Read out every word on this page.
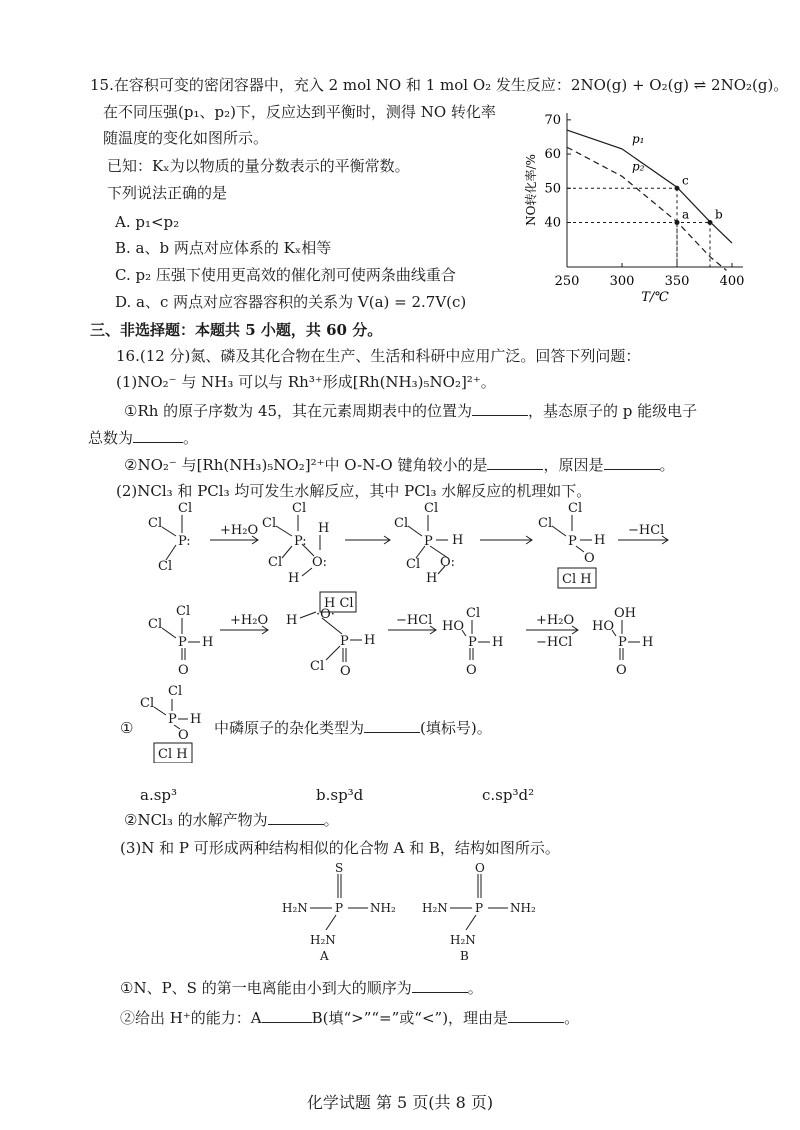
15.在容积可变的密闭容器中，充入 2 mol NO 和 1 mol O₂ 发生反应：2NO(g) + O₂(g) ⇌ 2NO₂(g)。
在不同压强(p₁、p₂)下，反应达到平衡时，测得 NO 转化率
随温度的变化如图所示。
已知：Kₓ为以物质的量分数表示的平衡常数。
下列说法正确的是
A. p₁<p₂
B. a、b 两点对应体系的 Kₓ相等
C. p₂ 压强下使用更高效的催化剂可使两条曲线重合
D. a、c 两点对应容器容积的关系为 V(a) = 2.7V(c)
40
50
60
70
250 300 350 400
NO转化率/%
T/℃
p₁
p₂
c
a b
三、非选择题：本题共 5 小题，共 60 分。
16.(12 分)氮、磷及其化合物在生产、生活和科研中应用广泛。回答下列问题：
(1)NO₂⁻ 与 NH₃ 可以与 Rh³⁺形成[Rh(NH₃)₅NO₂]²⁺。
①Rh 的原子序数为 45，其在元素周期表中的位置为	，基态原子的 p 能级电子
总数为	。
②NO₂⁻ 与[Rh(NH₃)₅NO₂]²⁺中 O-N-O 键角较小的是	，原因是	。
(2)NCl₃ 和 PCl₃ 均可发生水解反应，其中 PCl₃ 水解反应的机理如下。
Cl
Cl
P:
Cl
Cl
Cl
P:
H
O:
H
Cl
Cl
Cl
P H
O:
H
Cl
Cl
Cl
P H
O
Cl H
Cl
Cl
P H
O
H Cl
H ·O·
P H
Cl O
Cl
HO
P H
O
OH
HO
P H
O
+H₂O	−HCl
+H₂O	−HCl	+H₂O
−HCl
①
Cl
Cl
P H
O
Cl H
中磷原子的杂化类型为	(填标号)。
a.sp³	b.sp³d	c.sp³d²
②NCl₃ 的水解产物为	。
(3)N 和 P 可形成两种结构相似的化合物 A 和 B，结构如图所示。
S
H₂N P NH₂
H₂N
O
H₂N P NH₂
H₂N
A	B
①N、P、S 的第一电离能由小到大的顺序为	。
②给出 H⁺的能力：A	B(填“>”“=”或“<”)，理由是	。
化学试题 第 5 页(共 8 页)
